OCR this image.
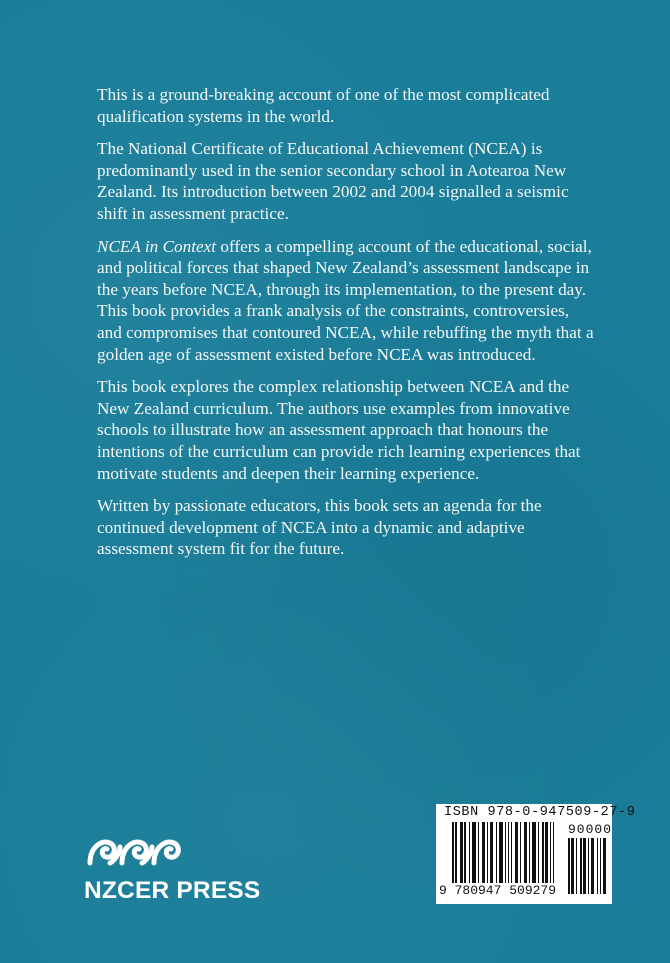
This is a ground-breaking account of one of the most complicated qualification systems in the world.

The National Certificate of Educational Achievement (NCEA) is predominantly used in the senior secondary school in Aotearoa New Zealand. Its introduction between 2002 and 2004 signalled a seismic shift in assessment practice.

NCEA in Context offers a compelling account of the educational, social, and political forces that shaped New Zealand’s assessment landscape in the years before NCEA, through its implementation, to the present day. This book provides a frank analysis of the constraints, controversies, and compromises that contoured NCEA, while rebuffing the myth that a golden age of assessment existed before NCEA was introduced.

This book explores the complex relationship between NCEA and the New Zealand curriculum. The authors use examples from innovative schools to illustrate how an assessment approach that honours the intentions of the curriculum can provide rich learning experiences that motivate students and deepen their learning experience.

Written by passionate educators, this book sets an agenda for the continued development of NCEA into a dynamic and adaptive assessment system fit for the future.

NZCER PRESS
ISBN 978-0-947509-27-9
90000
9 780947 509279
